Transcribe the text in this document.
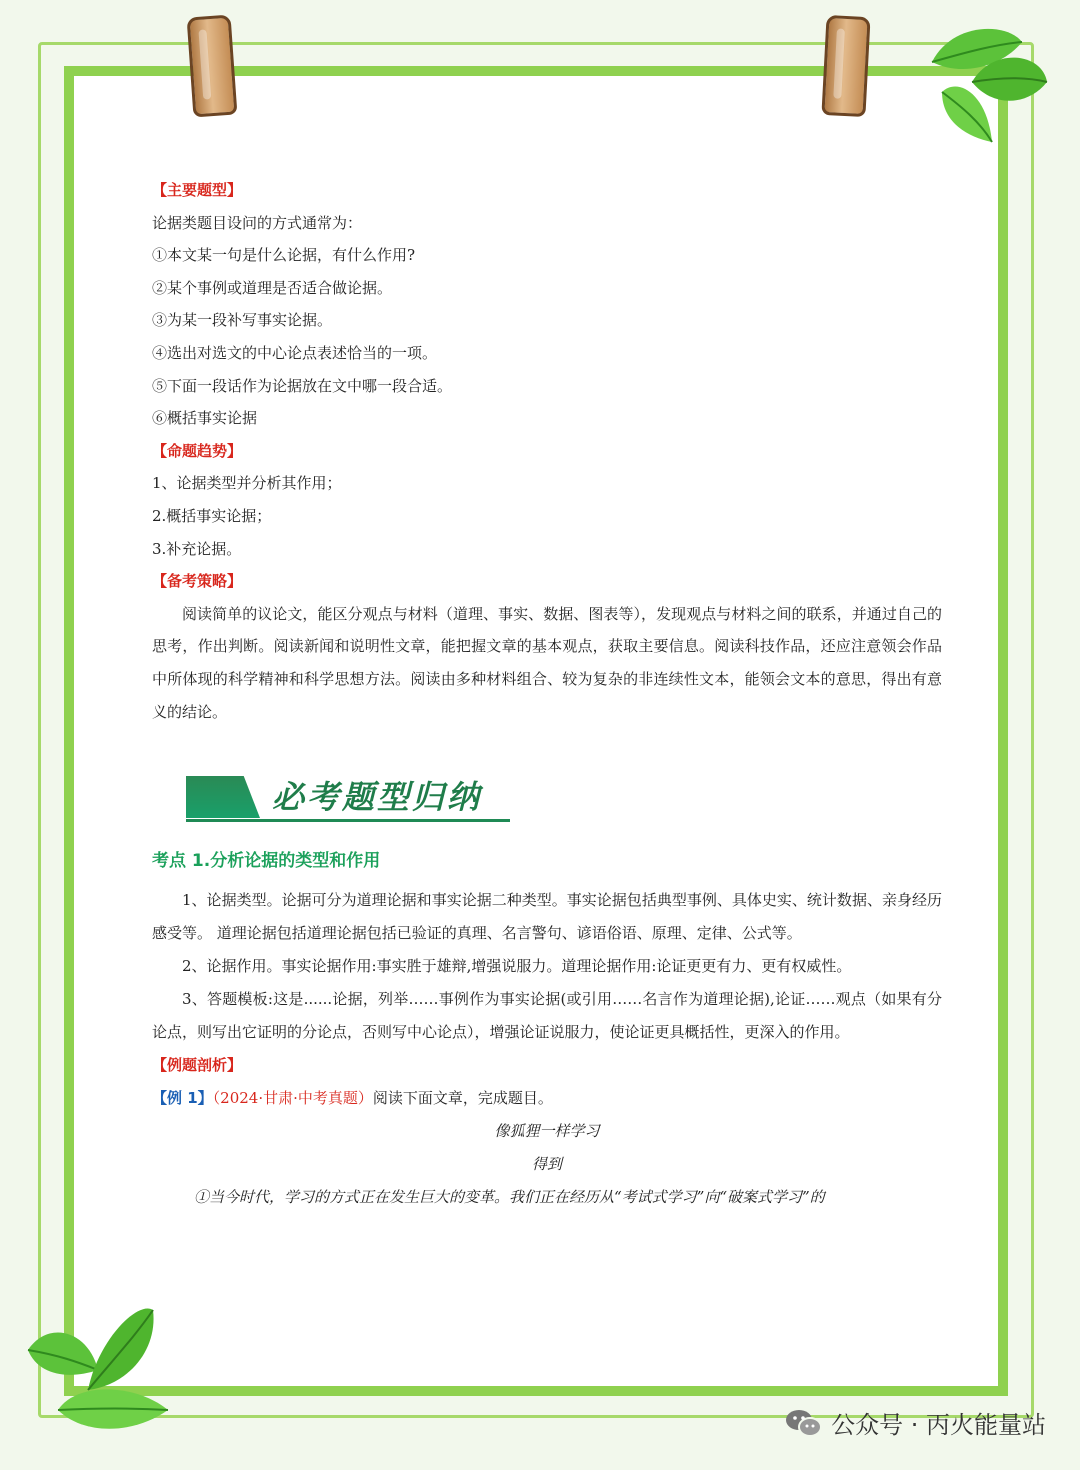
【主要题型】
论据类题目设问的方式通常为：
①本文某一句是什么论据，有什么作用?
②某个事例或道理是否适合做论据。
③为某一段补写事实论据。
④选出对选文的中心论点表述恰当的一项。
⑤下面一段话作为论据放在文中哪一段合适。
⑥概括事实论据
【命题趋势】
1、论据类型并分析其作用；
2.概括事实论据；
3.补充论据。
【备考策略】
阅读简单的议论文，能区分观点与材料（道理、事实、数据、图表等），发现观点与材料之间的联系，并通过自己的思考，作出判断。阅读新闻和说明性文章，能把握文章的基本观点，获取主要信息。阅读科技作品，还应注意领会作品中所体现的科学精神和科学思想方法。阅读由多种材料组合、较为复杂的非连续性文本，能领会文本的意思，得出有意义的结论。
必考题型归纳
考点 1.分析论据的类型和作用
1、论据类型。论据可分为道理论据和事实论据二种类型。事实论据包括典型事例、具体史实、统计数据、亲身经历感受等。 道理论据包括道理论据包括已验证的真理、名言警句、谚语俗语、原理、定律、公式等。
2、论据作用。事实论据作用:事实胜于雄辩,增强说服力。道理论据作用:论证更更有力、更有权威性。
3、答题模板:这是......论据，列举……事例作为事实论据(或引用……名言作为道理论据),论证……观点（如果有分论点，则写出它证明的分论点，否则写中心论点），增强论证说服力，使论证更具概括性，更深入的作用。
【例题剖析】
【例 1】（2024·甘肃·中考真题）阅读下面文章，完成题目。
像狐狸一样学习
得到
①当今时代，学习的方式正在发生巨大的变革。我们正在经历从“考试式学习”向“破案式学习”的
公众号 · 丙火能量站
